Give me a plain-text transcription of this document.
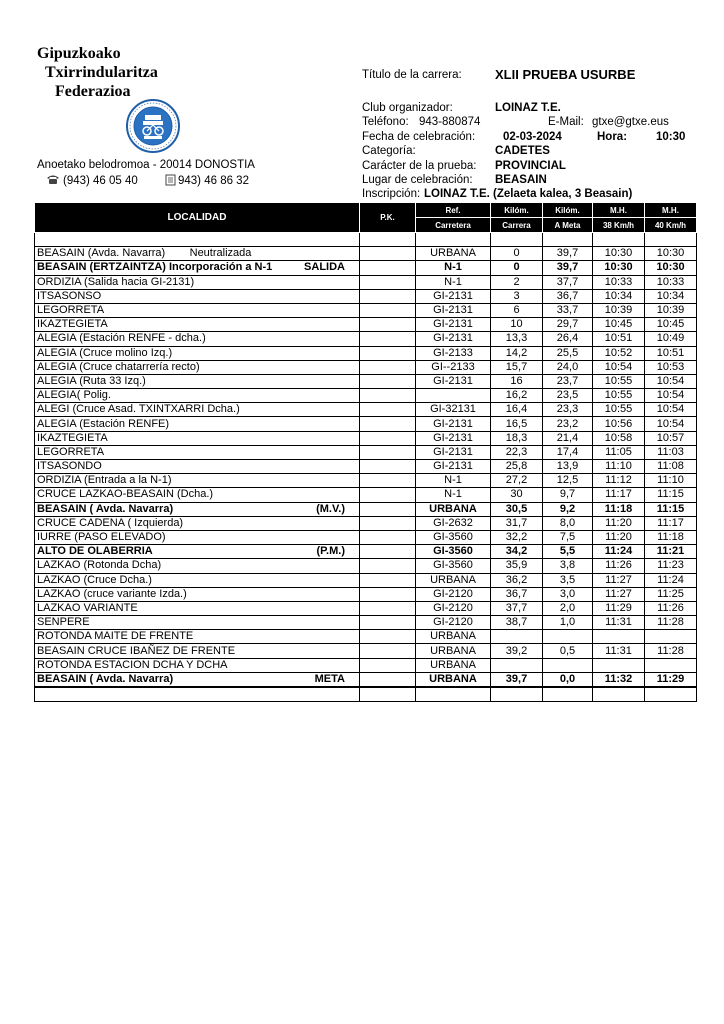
Gipuzkoako
Txirrindularitza
Federazioa
Anoetako belodromoa - 20014 DONOSTIA
(943) 46 05 40	943) 46 86 32
Título de la carrera:	XLII PRUEBA USURBE
Club organizador:	LOINAZ T.E.
Teléfono: 943-880874	E-Mail: gtxe@gtxe.eus
Fecha de celebración: 02-03-2024	Hora:	10:30
Categoría:	CADETES
Carácter de la prueba: PROVINCIAL
Lugar de celebración: BEASAIN
Inscripción: LOINAZ T.E. (Zelaeta kalea, 3 Beasain)
LOCALIDAD	P.K.	Ref.	Kilóm.	Kilóm.	M.H.	M.H.
		Carretera	Carrera	A Meta	38 Km/h	40 Km/h

BEASAIN (Avda. Navarra)        Neutralizada		URBANA	0	39,7	10:30	10:30

BEASAIN (ERTZAINTZA) Incorporación a N-1 SALIDA		N-1	0	39,7	10:30	10:30

ORDIZIA (Salida hacia GI-2131)		N-1	2	37,7	10:33	10:33

ITSASONSO		GI-2131	3	36,7	10:34	10:34

LEGORRETA		GI-2131	6	33,7	10:39	10:39

IKAZTEGIETA		GI-2131	10	29,7	10:45	10:45

ALEGIA (Estación RENFE - dcha.)		GI-2131	13,3	26,4	10:51	10:49

ALEGIA (Cruce molino Izq.)		GI-2133	14,2	25,5	10:52	10:51

ALEGIA (Cruce chatarrería recto)		GI--2133	15,7	24,0	10:54	10:53

ALEGIA (Ruta 33 Izq.)		GI-2131	16	23,7	10:55	10:54

ALEGIA( Polig.			16,2	23,5	10:55	10:54

ALEGI (Cruce Asad. TXINTXARRI Dcha.)		GI-32131	16,4	23,3	10:55	10:54

ALEGIA (Estación RENFE)		GI-2131	16,5	23,2	10:56	10:54

IKAZTEGIETA		GI-2131	18,3	21,4	10:58	10:57

LEGORRETA		GI-2131	22,3	17,4	11:05	11:03

ITSASONDO		GI-2131	25,8	13,9	11:10	11:08

ORDIZIA (Entrada a la N-1)		N-1	27,2	12,5	11:12	11:10

CRUCE LAZKAO-BEASAIN (Dcha.)		N-1	30	9,7	11:17	11:15

BEASAIN ( Avda. Navarra) (M.V.)		URBANA	30,5	9,2	11:18	11:15

CRUCE CADENA ( Izquierda)		GI-2632	31,7	8,0	11:20	11:17

IURRE (PASO ELEVADO)		GI-3560	32,2	7,5	11:20	11:18

ALTO DE OLABERRIA (P.M.)		GI-3560	34,2	5,5	11:24	11:21

LAZKAO (Rotonda Dcha)		GI-3560	35,9	3,8	11:26	11:23

LAZKAO (Cruce Dcha.)		URBANA	36,2	3,5	11:27	11:24

LAZKAO (cruce variante Izda.)		GI-2120	36,7	3,0	11:27	11:25

LAZKAO VARIANTE		GI-2120	37,7	2,0	11:29	11:26

SENPERE		GI-2120	38,7	1,0	11:31	11:28

ROTONDA MAITE DE FRENTE		URBANA				

BEASAIN CRUCE IBAÑEZ DE FRENTE		URBANA	39,2	0,5	11:31	11:28

ROTONDA ESTACION DCHA Y DCHA		URBANA				

BEASAIN ( Avda. Navarra) META		URBANA	39,7	0,0	11:32	11:29
